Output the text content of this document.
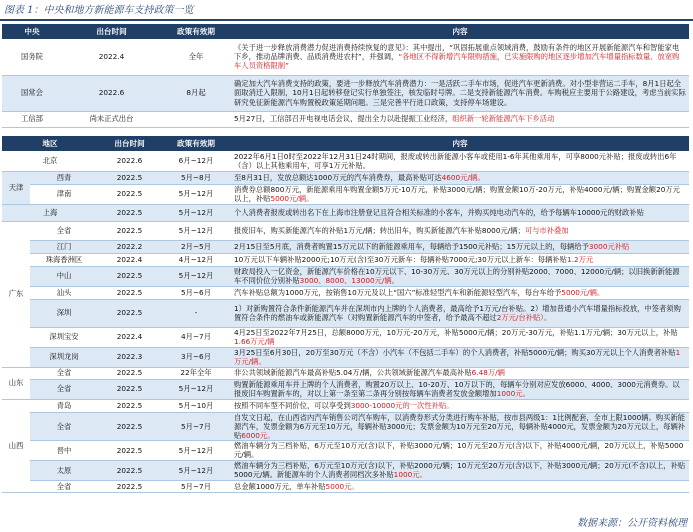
图表 1：中央和地方新能源车支持政策一览
中央	出台时间	政策有效期	内容
国务院	2022.4	全年	《关于进一步释放消费潜力促进消费持续恢复的意见》：其中提出，“巩固拓展重点领域消费，鼓励有条件的地区开展新能源汽车和智能家电下乡，推动品牌消费、品质消费进农村”，并强调，“各地区不得新增汽车限购措施，已实施限购的地区逐步增加汽车增量指标数量、放宽购车人员资格限制”
国常会	2022.6	8月起	确定加大汽车消费支持的政策，要进一步释放汽车消费潜力：一是活跃二手车市场，促进汽车更新消费。对小型非营运二手车，8月1日起全面取消迁入限制，10月1日起转移登记实行单独签注，核发临时号牌。二是支持新能源汽车消费。车购税应主要用于公路建设，考虑当前实际研究免征新能源汽车购置税政策延期问题。三是完善平行进口政策，支持停车场建设。
工信部	尚未正式出台		5月27日，工信部召开电视电话会议，提出全力以赴提振工业经济，组织新一轮新能源汽车下乡活动
地区		出台时间	政策有效期	内容
北京		2022.6	6月~12月	2022年6月1日0时至2022年12月31日24时期间，报废或转出新能源小客车或使用1-6年其他乘用车，可享8000元补贴；报废或转出6年（含）以上其他乘用车，可享1万元补贴。
天津	西青	2022.5	5月~8月	至8月31日，发放总额达1000万元的汽车消费券，最高补贴可达4600元/辆。
	津南	2022.5	5月~12月	消费券总额800万元，新能源乘用车购置金额5万元-10万元，补贴3000元/辆；购置金额10万-20万元，补贴4000元/辆；购置金额20万元以上，补贴5000元/辆。
上海		2022.5	5月~12月	个人消费者报废或转出名下在上海市注册登记且符合相关标准的小客车，并购买纯电动汽车的，给予每辆车10000元的财政补贴
广东	全省	2022.5	5月~12月	报废旧车，购买新能源汽车的补贴1万元/辆；转出旧车，购买新能源汽车补贴8000元/辆；可与市补叠加
	江门	2022.2	2月~5月	2月15日至5月底，消费者购置15万元以下的新能源乘用车，每辆给予1500元补贴；15万元以上的，每辆给予3000元补贴
	珠海香洲区	2022.4	4月~12月	10万元以下车辆补贴2000元;10万元(含)至30万元新车：每辆补贴7000元;30万元以上新车：每辆补贴1.2万元
	中山	2022.5	5月~12月	财政局投入一亿资金，新能源汽车价格在10万元以下、10-30万元、30万元以上的分别补贴2000、7000、12000元/辆；以旧换新新能源车不同价位分别补贴3000、8000、13000元/辆。
	汕头	2022.5	5月~6月	汽车补贴总额为1000万元，按销售10万元及以上“国六”标准轻型汽车和新能源轻型汽车，每台车给予5000元/辆。
	深圳	2022.5	-	1）对新购置符合条件新能源汽车并在深圳市内上牌的个人消费者，最高给予1万元/台补贴。2）增加普通小汽车增量指标投放，中签者须购置符合条件的燃油车或新能源汽车（对购置新能源汽车的中签者，给予最高不超过2万元/台补贴）。
	深圳宝安	2022.4	4月~7月	4月25日至2022年7月25日，总额8000万元，10万元-20万元，补贴5000元/辆；20万元-30万元，补贴1.1万元/辆；30万元以上，补贴1.66万元/辆
	深圳龙岗	2022.3	3月~6月	3月25日至6月30日，20万至30万元（不含）小汽车（不包括二手车）的个人消费者，补贴5000元/辆；购买30万元以上个人消费者补贴1万元/辆。
山东	全省	2022.5	22年全年	非公共领域新能源汽车最高补贴5.04万/辆，公共领域新能源汽车最高补贴6.48万/辆
	全省	2022.5	5月~12月	购置新能源乘用车并上牌的个人消费者，购置20万以上、10-20万、10万以下的，每辆车分别对应发放6000、4000、3000元消费券。以报废旧车购置新车的，对以上第一条至第二条再分别按每辆车消费者发放金额增加1000元。
山西	青岛	2022.5	5月~10月	按照不同车型不同价位，可以享受到3000-10000元的一次性补贴。
	全省	2022.5	5月~7月	自发文日起，在山西省内汽车销售公司汽车购车，以消费券形式分类进行购车补贴，按市县两级1：1比例配套，全市上限1000辆。购买新能源汽车，发票金额为6万元至10万元，每辆补贴3000元；发票金额为10万元至20万元，每辆补贴4000元，发票金额为20万元以上，每辆补贴6000元。
	晋中	2022.5	5月~12月	燃油车辆分为三档补贴，6万元至10万元(含)以下，补贴3000元/辆；10万元至20万元(含)以下，补贴4000元/辆，20万元以上，补贴5000元/辆。
	太原	2022.5	5月~12月	燃油车辆分为三档补贴，6万元至10万元(含)以下，补贴2000元/辆；10万元至20万元(含)以下，补贴3000元/辆；20万元(不含)以上，补贴5000元/辆。新能源车的个人消费者同档次多补贴1000元。
	全省	2022.5	5月~7月	总金额1000万元，单车补贴5000元。
数据来源：公开资料梳理
